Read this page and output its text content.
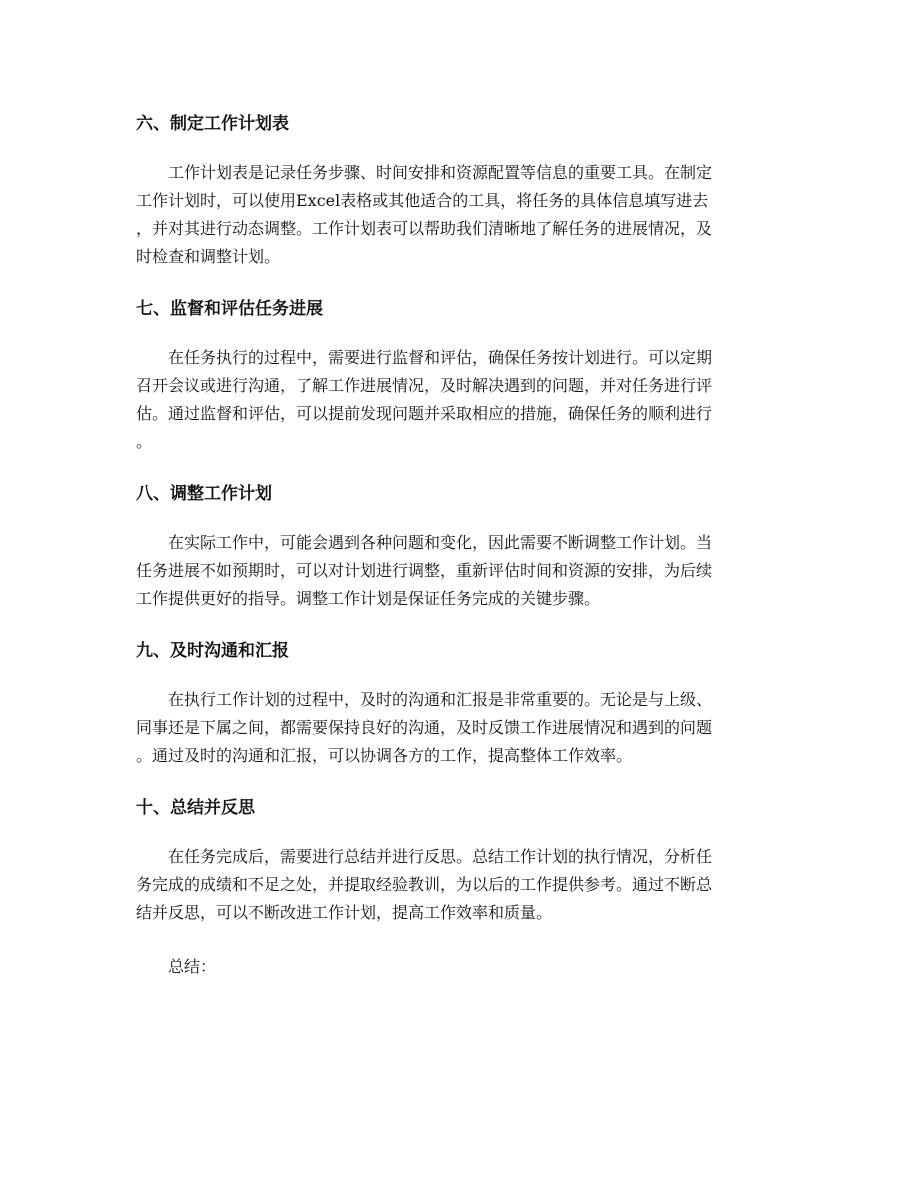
六、制定工作计划表

工作计划表是记录任务步骤、时间安排和资源配置等信息的重要工具。在制定
工作计划时，可以使用Excel表格或其他适合的工具，将任务的具体信息填写进去
，并对其进行动态调整。工作计划表可以帮助我们清晰地了解任务的进展情况，及
时检查和调整计划。

七、监督和评估任务进展

在任务执行的过程中，需要进行监督和评估，确保任务按计划进行。可以定期
召开会议或进行沟通，了解工作进展情况，及时解决遇到的问题，并对任务进行评
估。通过监督和评估，可以提前发现问题并采取相应的措施，确保任务的顺利进行
。

八、调整工作计划

在实际工作中，可能会遇到各种问题和变化，因此需要不断调整工作计划。当
任务进展不如预期时，可以对计划进行调整，重新评估时间和资源的安排，为后续
工作提供更好的指导。调整工作计划是保证任务完成的关键步骤。

九、及时沟通和汇报

在执行工作计划的过程中，及时的沟通和汇报是非常重要的。无论是与上级、
同事还是下属之间，都需要保持良好的沟通，及时反馈工作进展情况和遇到的问题
。通过及时的沟通和汇报，可以协调各方的工作，提高整体工作效率。

十、总结并反思

在任务完成后，需要进行总结并进行反思。总结工作计划的执行情况，分析任
务完成的成绩和不足之处，并提取经验教训，为以后的工作提供参考。通过不断总
结并反思，可以不断改进工作计划，提高工作效率和质量。

总结：
